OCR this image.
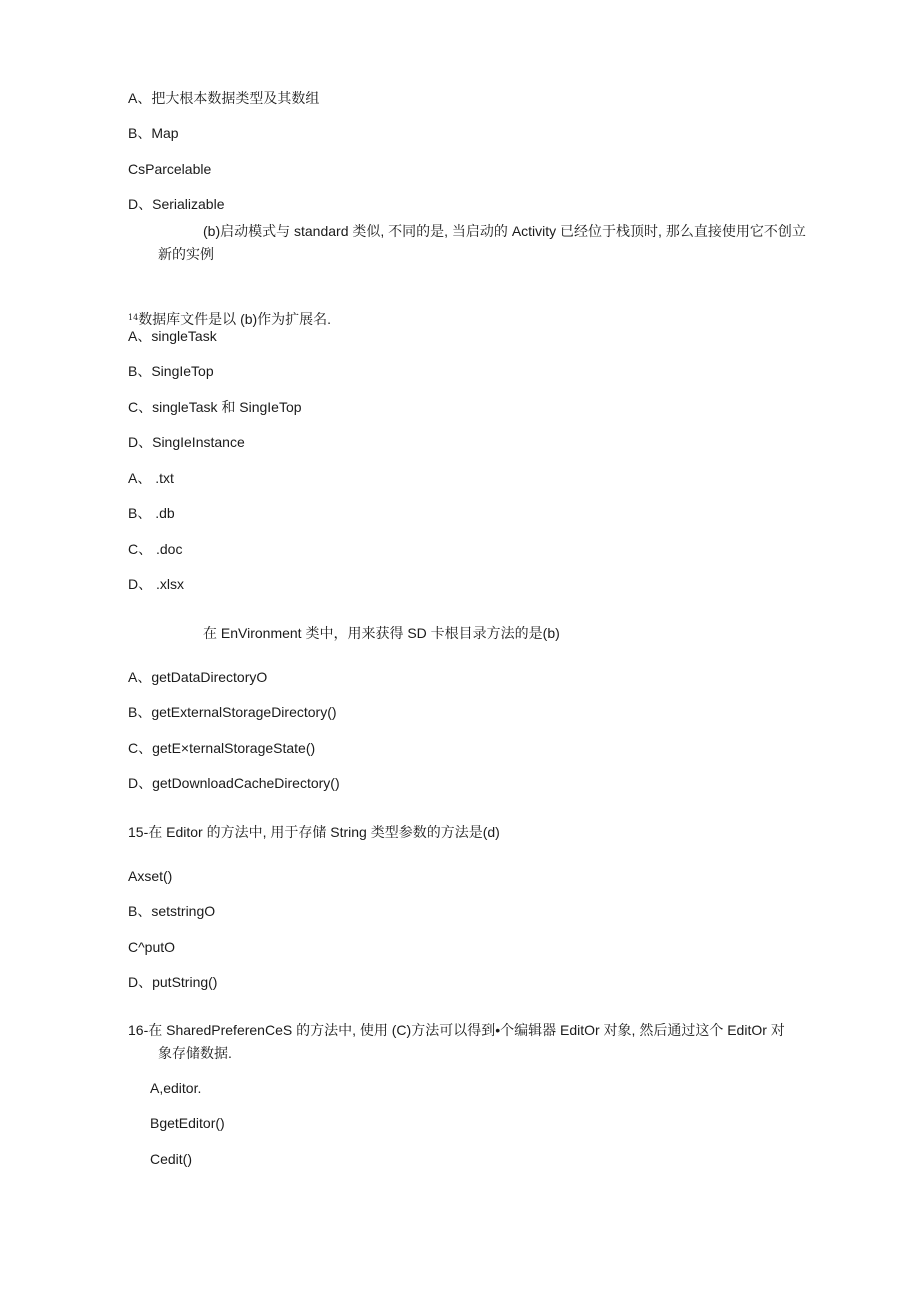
A、把大根本数据类型及其数组
B、Map
CsParcelable
D、Serializable
(b)启动模式与 standard 类似, 不同的是, 当启动的 Activity 已经位于栈顶时, 那么直接使用它不创立
新的实例
$^{14}$数据库文件是以 (b)作为扩展名.
A、singleTask
B、SingIeTop
C、singleTask 和 SingIeTop
D、SingIeInstance
A、 .txt
B、 .db
C、 .doc
D、 .xlsx
在 EnVironment 类中，用来获得 SD 卡根目录方法的是(b)
A、getDataDirectoryO
B、getExternalStorageDirectory()
C、getE×ternalStorageState()
D、getDownloadCacheDirectory()
15-在 Editor 的方法中, 用于存储 String 类型参数的方法是(d)
Axset()
B、setstringO
C^putO
D、putString()
16-在 SharedPreferenCeS 的方法中, 使用 (C)方法可以得到•个编辑器 EditOr 对象, 然后通过这个 EditOr 对
象存储数据.
A,editor.
BgetEditor()
Cedit()
